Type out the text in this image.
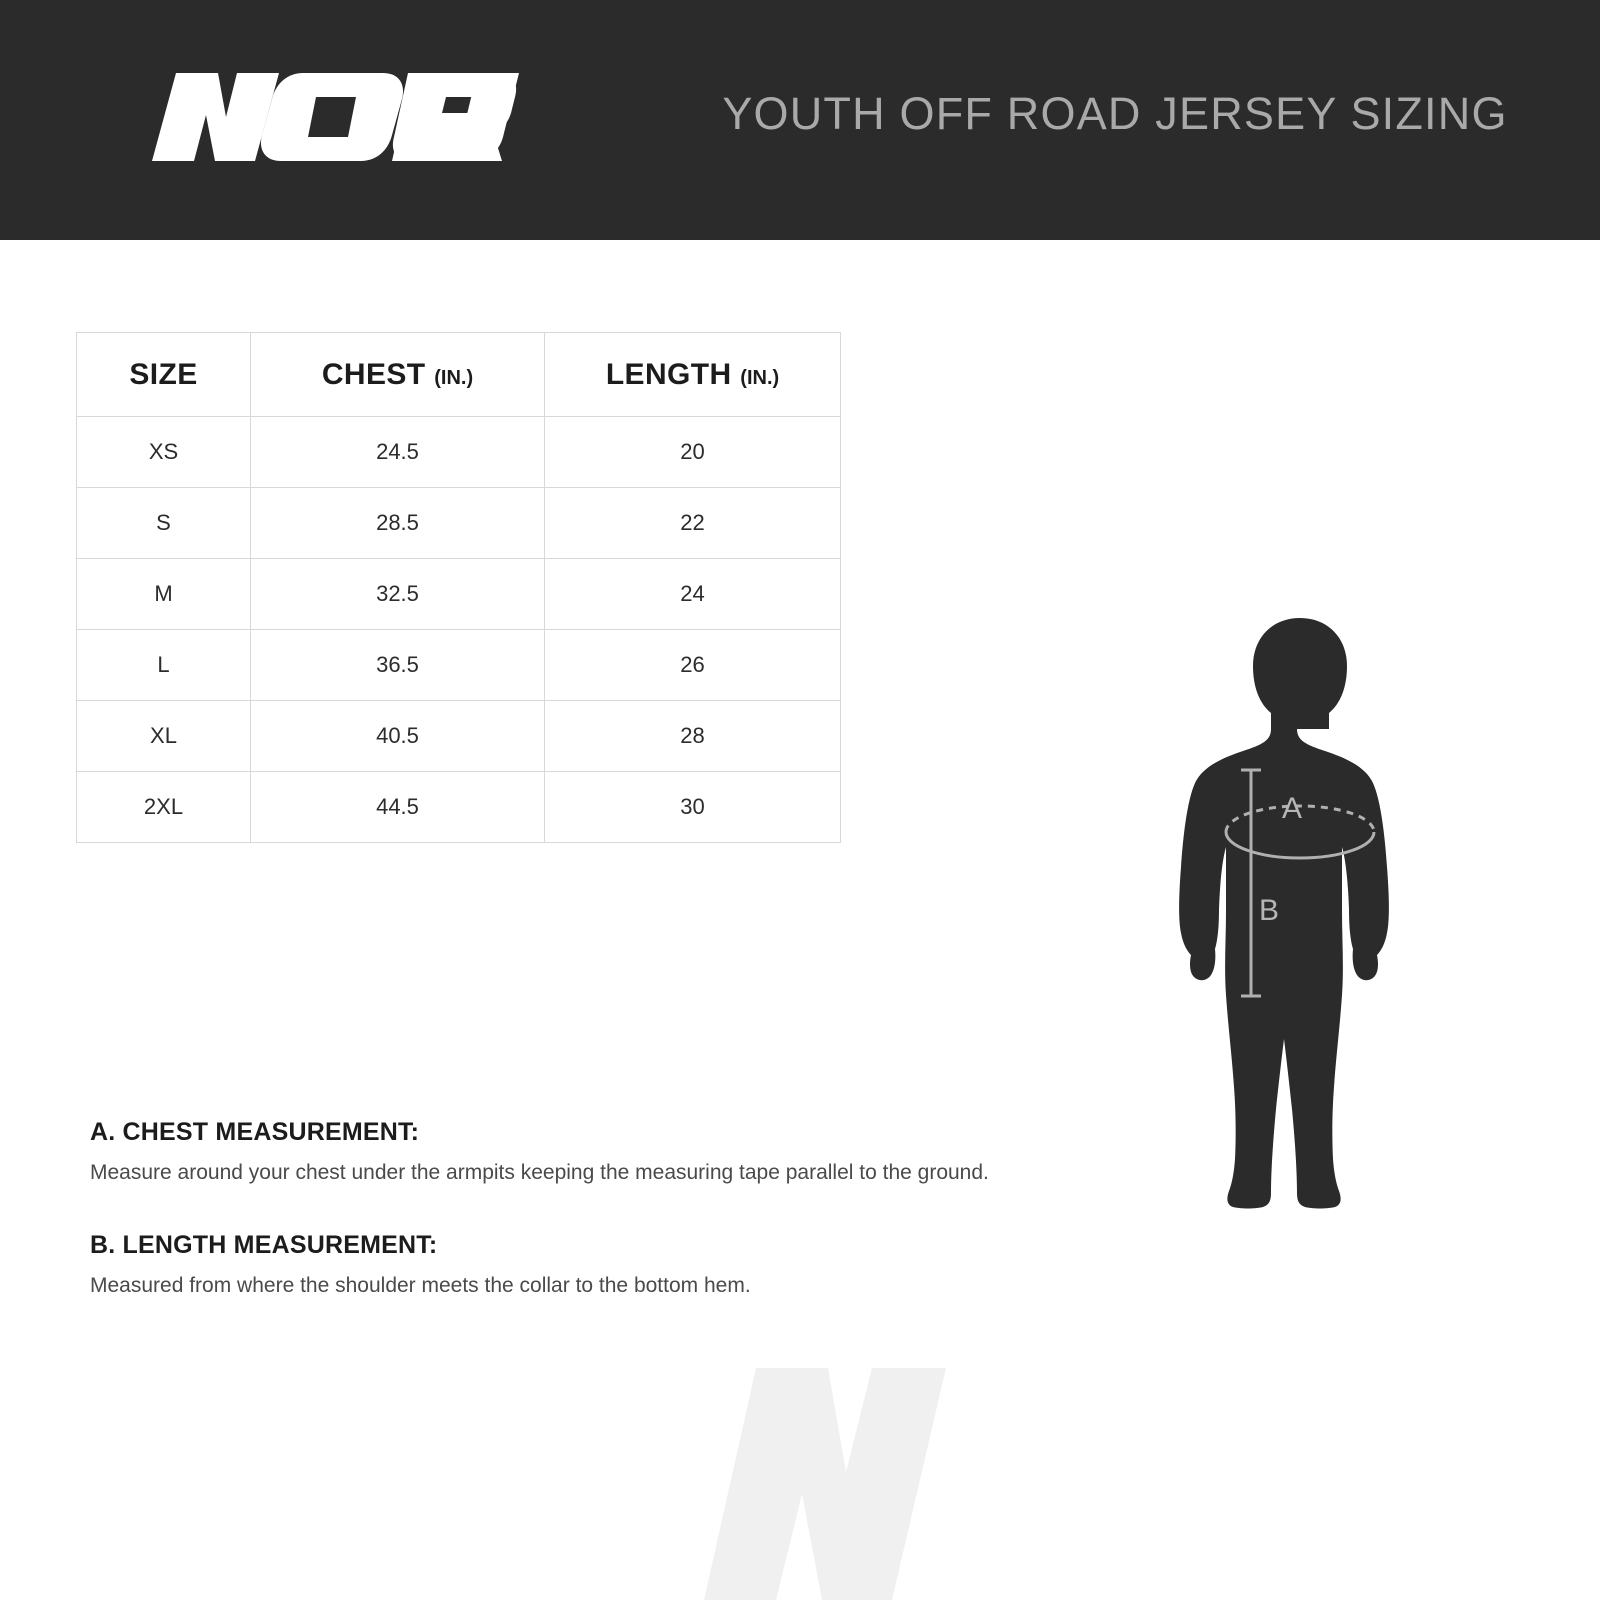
YOUTH OFF ROAD JERSEY SIZING
SIZE	CHEST (IN.)	LENGTH (IN.)
XS	24.5	20
S	28.5	22
M	32.5	24
L	36.5	26
XL	40.5	28
2XL	44.5	30

A. CHEST MEASUREMENT:

Measure around your chest under the armpits keeping the measuring tape parallel to the ground.

B. LENGTH MEASUREMENT:

Measured from where the shoulder meets the collar to the bottom hem.

A
B
